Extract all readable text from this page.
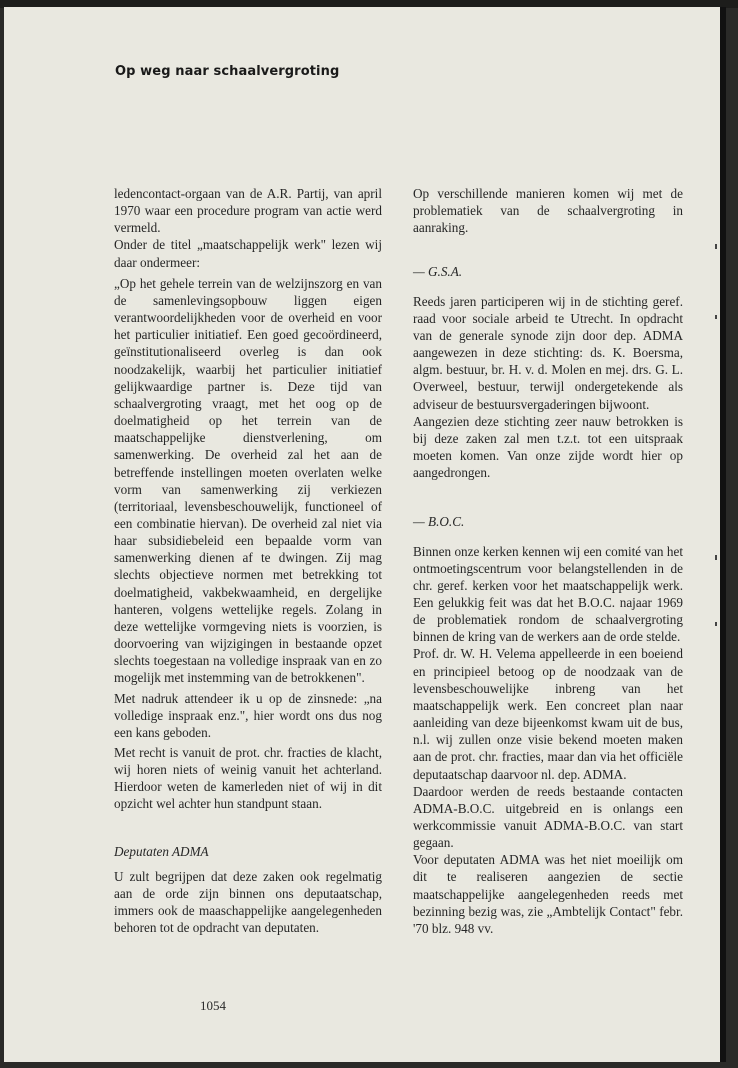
Op weg naar schaalvergroting

ledencontact-orgaan van de A.R. Partij, van april 1970 waar een procedure program van actie werd vermeld.

Onder de titel „maatschappelijk werk" lezen wij daar ondermeer:

„Op het gehele terrein van de welzijnszorg en van de samenlevingsopbouw liggen eigen verantwoordelijkheden voor de overheid en voor het particulier initiatief. Een goed gecoördineerd, geïnstitutionaliseerd overleg is dan ook noodzakelijk, waarbij het particulier initiatief gelijkwaardige partner is. Deze tijd van schaalvergroting vraagt, met het oog op de doelmatigheid op het terrein van de maatschappelijke dienstverlening, om samenwerking. De overheid zal het aan de betreffende instellingen moeten overlaten welke vorm van samenwerking zij verkiezen (territoriaal, levensbeschouwelijk, functioneel of een combinatie hiervan). De overheid zal niet via haar subsidiebeleid een bepaalde vorm van samenwerking dienen af te dwingen. Zij mag slechts objectieve normen met betrekking tot doelmatigheid, vakbekwaamheid, en dergelijke hanteren, volgens wettelijke regels. Zolang in deze wettelijke vormgeving niets is voorzien, is doorvoering van wijzigingen in bestaande opzet slechts toegestaan na volledige inspraak van en zo mogelijk met instemming van de betrokkenen".

Met nadruk attendeer ik u op de zinsnede: „na volledige inspraak enz.", hier wordt ons dus nog een kans geboden.

Met recht is vanuit de prot. chr. fracties de klacht, wij horen niets of weinig vanuit het achterland. Hierdoor weten de kamerleden niet of wij in dit opzicht wel achter hun standpunt staan.

Deputaten ADMA

U zult begrijpen dat deze zaken ook regelmatig aan de orde zijn binnen ons deputaatschap, immers ook de maaschappelijke aangelegenheden behoren tot de opdracht van deputaten.

Op verschillende manieren komen wij met de problematiek van de schaalvergroting in aanraking.

— G.S.A.

Reeds jaren participeren wij in de stichting geref. raad voor sociale arbeid te Utrecht. In opdracht van de generale synode zijn door dep. ADMA aangewezen in deze stichting: ds. K. Boersma, algm. bestuur, br. H. v. d. Molen en mej. drs. G. L. Overweel, bestuur, terwijl ondergetekende als adviseur de bestuursvergaderingen bijwoont.

Aangezien deze stichting zeer nauw betrokken is bij deze zaken zal men t.z.t. tot een uitspraak moeten komen. Van onze zijde wordt hier op aangedrongen.

— B.O.C.

Binnen onze kerken kennen wij een comité van het ontmoetingscentrum voor belangstellenden in de chr. geref. kerken voor het maatschappelijk werk. Een gelukkig feit was dat het B.O.C. najaar 1969 de problematiek rondom de schaalvergroting binnen de kring van de werkers aan de orde stelde.

Prof. dr. W. H. Velema appelleerde in een boeiend en principieel betoog op de noodzaak van de levensbeschouwelijke inbreng van het maatschappelijk werk. Een concreet plan naar aanleiding van deze bijeenkomst kwam uit de bus, n.l. wij zullen onze visie bekend moeten maken aan de prot. chr. fracties, maar dan via het officiële deputaatschap daarvoor nl. dep. ADMA.

Daardoor werden de reeds bestaande contacten ADMA-B.O.C. uitgebreid en is onlangs een werkcommissie vanuit ADMA-B.O.C. van start gegaan.

Voor deputaten ADMA was het niet moeilijk om dit te realiseren aangezien de sectie maatschappelijke aangelegenheden reeds met bezinning bezig was, zie „Ambtelijk Contact" febr. '70 blz. 948 vv.

1054
